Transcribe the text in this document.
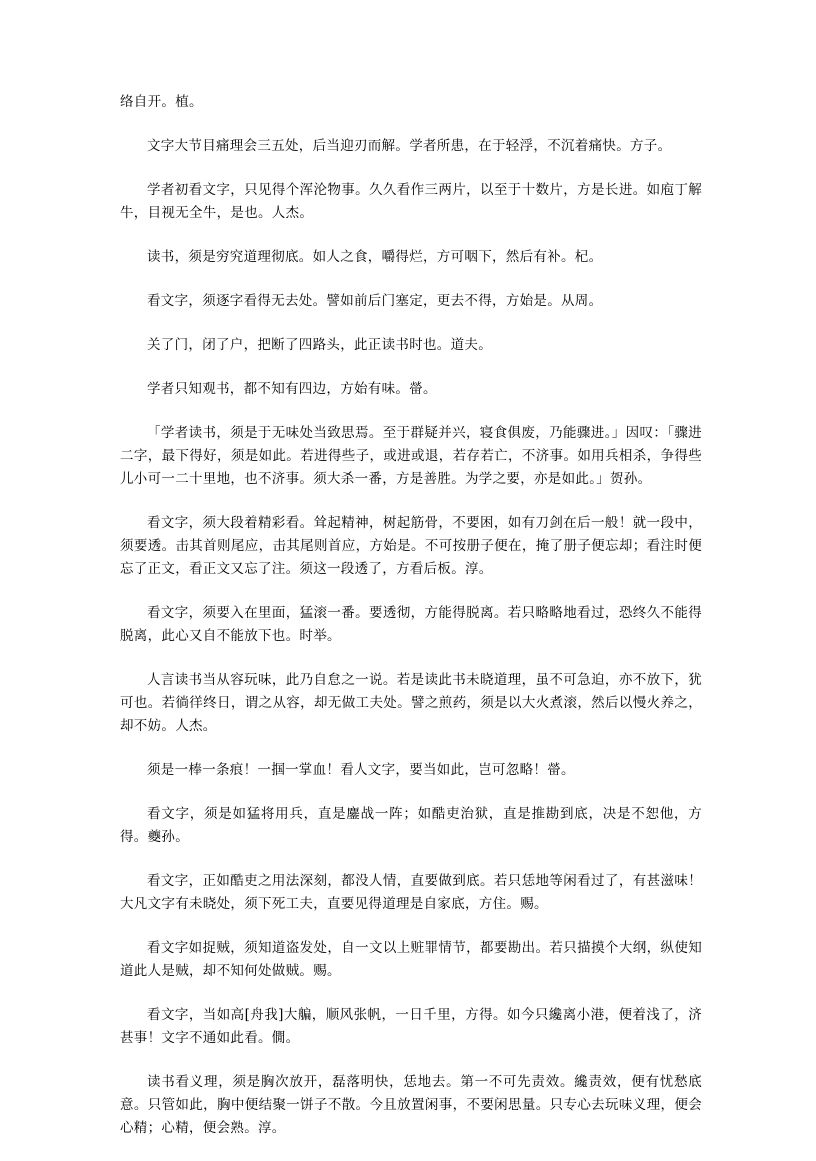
络自开。植。

文字大节目痛理会三五处，后当迎刃而解。学者所患，在于轻浮，不沉着痛快。方子。

学者初看文字，只见得个浑沦物事。久久看作三两片，以至于十数片，方是长进。如庖丁解牛，目视无全牛，是也。人杰。

读书，须是穷究道理彻底。如人之食，嚼得烂，方可咽下，然后有补。杞。

看文字，须逐字看得无去处。譬如前后门塞定，更去不得，方始是。从周。

关了门，闭了户，把断了四路头，此正读书时也。道夫。

学者只知观书，都不知有四边，方始有味。㽦。

「学者读书，须是于无味处当致思焉。至于群疑并兴，寝食俱废，乃能骤进。」因叹：「骤进二字，最下得好，须是如此。若进得些子，或进或退，若存若亡，不济事。如用兵相杀，争得些儿小可一二十里地，也不济事。须大杀一番，方是善胜。为学之要，亦是如此。」贺孙。

看文字，须大段着精彩看。耸起精神，树起筋骨，不要困，如有刀剑在后一般！就一段中，须要透。击其首则尾应，击其尾则首应，方始是。不可按册子便在，掩了册子便忘却；看注时便忘了正文，看正文又忘了注。须这一段透了，方看后板。淳。

看文字，须要入在里面，猛滚一番。要透彻，方能得脱离。若只略略地看过，恐终久不能得脱离，此心又自不能放下也。时举。

人言读书当从容玩味，此乃自怠之一说。若是读此书未晓道理，虽不可急迫，亦不放下，犹可也。若徜徉终日，谓之从容，却无做工夫处。譬之煎药，须是以大火煮滚，然后以慢火养之，却不妨。人杰。

须是一棒一条痕！一掴一掌血！看人文字，要当如此，岂可忽略！㽦。

看文字，须是如猛将用兵，直是鏖战一阵；如酷吏治狱，直是推勘到底，决是不恕他，方得。夔孙。

看文字，正如酷吏之用法深刻，都没人情，直要做到底。若只恁地等闲看过了，有甚滋味！大凡文字有未晓处，须下死工夫，直要见得道理是自家底，方住。赐。

看文字如捉贼，须知道盗发处，自一文以上赃罪情节，都要勘出。若只描摸个大纲，纵使知道此人是贼，却不知何处做贼。赐。

看文字，当如高[舟我]大艑，顺风张帆，一日千里，方得。如今只纔离小港，便着浅了，济甚事！文字不通如此看。僩。

读书看义理，须是胸次放开，磊落明快，恁地去。第一不可先责效。纔责效，便有忧愁底意。只管如此，胸中便结聚一饼子不散。今且放置闲事，不要闲思量。只专心去玩味义理，便会心精；心精，便会熟。淳。
